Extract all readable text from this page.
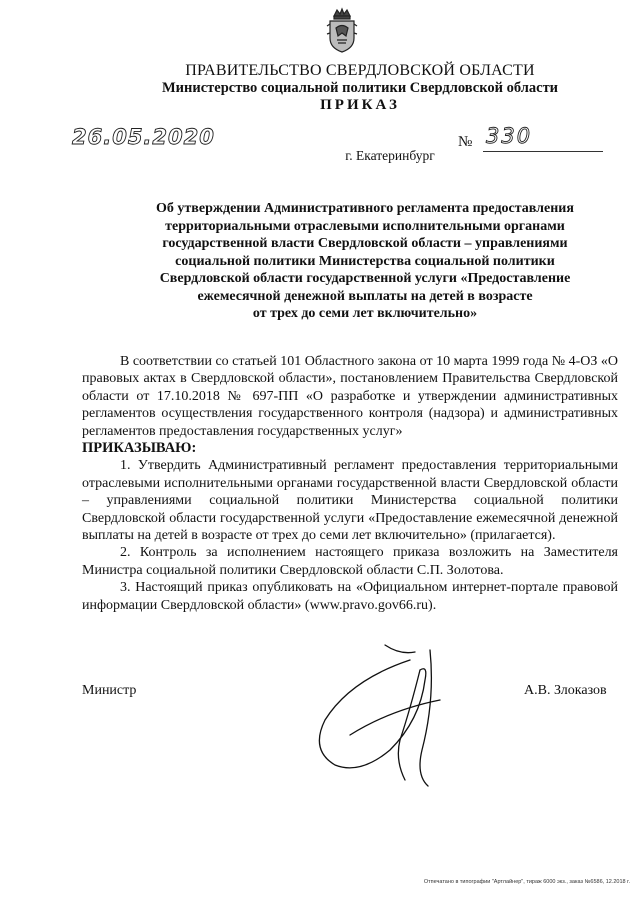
ПРАВИТЕЛЬСТВО СВЕРДЛОВСКОЙ ОБЛАСТИ
Министерство социальной политики Свердловской области
ПРИКАЗ
26.05.2020	№ 330
г. Екатеринбург
Об утверждении Административного регламента предоставления
территориальными отраслевыми исполнительными органами
государственной власти Свердловской области – управлениями
социальной политики Министерства социальной политики
Свердловской области государственной услуги «Предоставление
ежемесячной денежной выплаты на детей в возрасте
от трех до семи лет включительно»

В соответствии со статьей 101 Областного закона от 10 марта 1999 года № 4-ОЗ «О правовых актах в Свердловской области», постановлением Правительства Свердловской области от 17.10.2018 № 697-ПП «О разработке и утверждении административных регламентов осуществления государственного контроля (надзора) и административных регламентов предоставления государственных услуг»

ПРИКАЗЫВАЮ:

1. Утвердить Административный регламент предоставления территориальными отраслевыми исполнительными органами государственной власти Свердловской области – управлениями социальной политики Министерства социальной политики Свердловской области государственной услуги «Предоставление ежемесячной денежной выплаты на детей в возрасте от трех до семи лет включительно» (прилагается).

2. Контроль за исполнением настоящего приказа возложить на Заместителя Министра социальной политики Свердловской области С.П. Золотова.

3. Настоящий приказ опубликовать на «Официальном интернет-портале правовой информации Свердловской области» (www.pravo.gov66.ru).

Министр	А.В. Злоказов
Отпечатано в типографии "Артлайнер", тираж 6000 экз., заказ №6586, 12.2018 г.
